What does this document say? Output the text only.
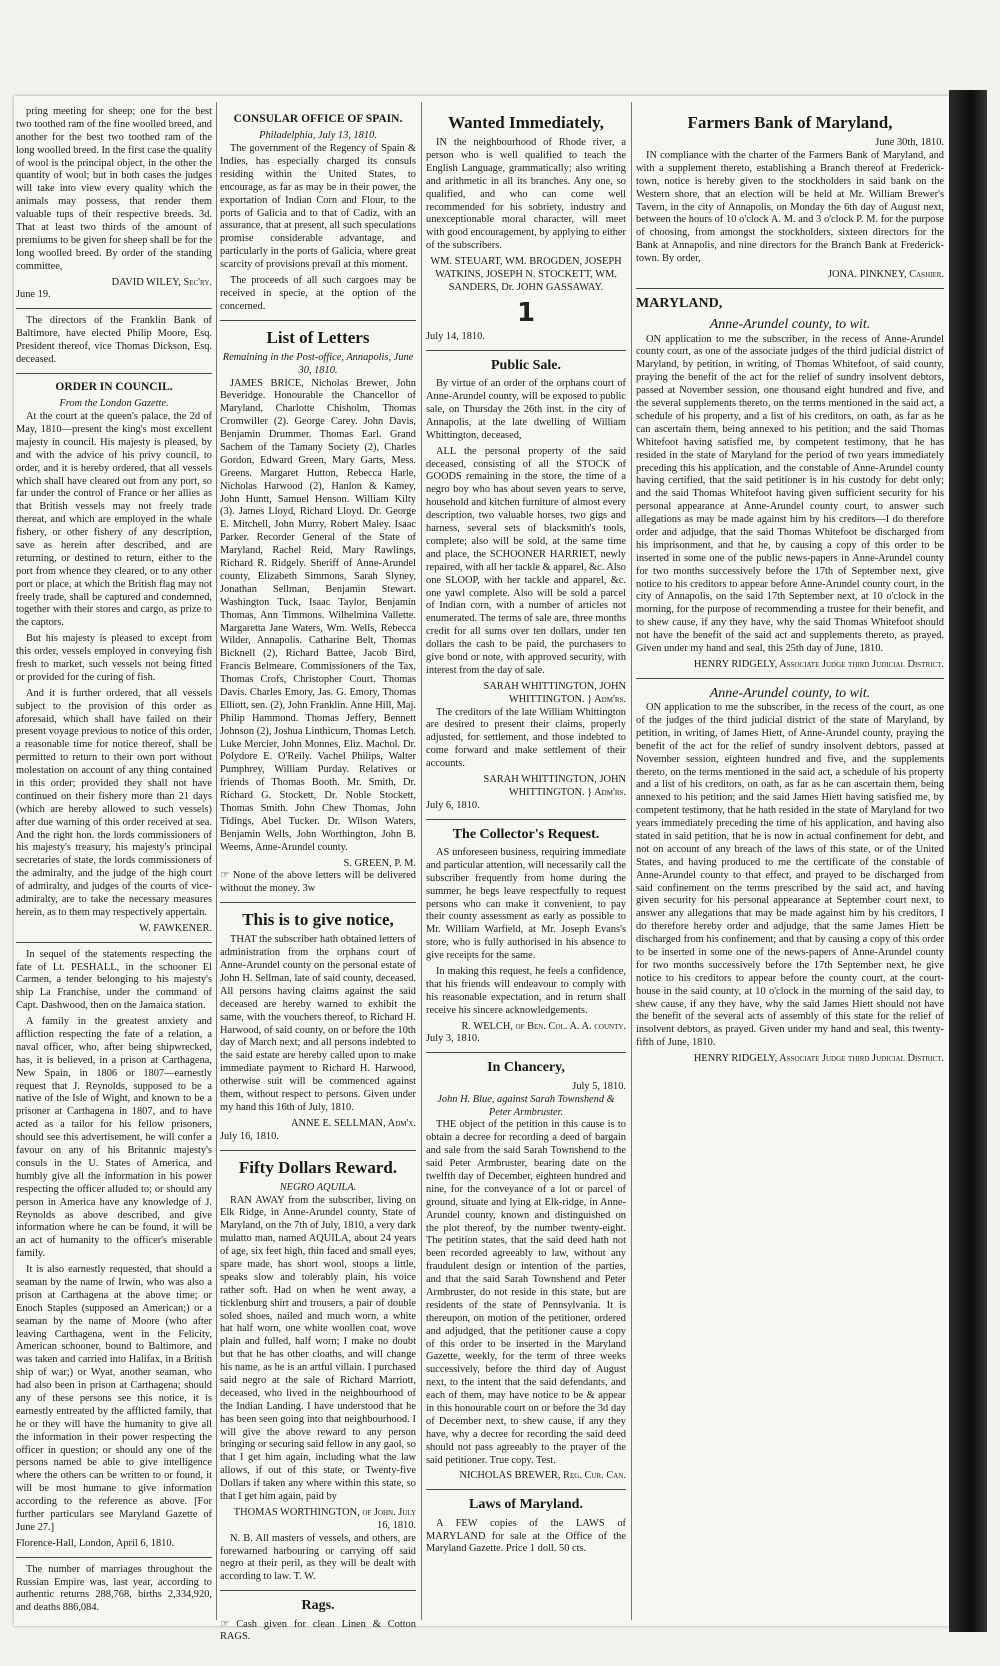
pring meeting for sheep; one for the best two toothed ram of the fine woolled breed, and another for the best two toothed ram of the long woolled breed. In the first case the quality of wool is the principal object, in the other the quantity of wool; but in both cases the judges will take into view every quality which the animals may possess, that render them valuable tups of their respective breeds. 3d. That at least two thirds of the amount of premiums to be given for sheep shall be for the long woolled breed. By order of the standing committee,

DAVID WILEY, Sec'ry.
June 19.

The directors of the Franklin Bank of Baltimore, have elected Philip Moore, Esq. President thereof, vice Thomas Dickson, Esq. deceased.

ORDER IN COUNCIL.
From the London Gazette.

At the court at the queen's palace, the 2d of May, 1810—present the king's most excellent majesty in council. His majesty is pleased, by and with the advice of his privy council, to order, and it is hereby ordered, that all vessels which shall have cleared out from any port, so far under the control of France or her allies as that British vessels may not freely trade thereat, and which are employed in the whale fishery, or other fishery of any description, save as herein after described, and are returning, or destined to return, either to the port from whence they cleared, or to any other port or place, at which the British flag may not freely trade, shall be captured and condemned, together with their stores and cargo, as prize to the captors.

But his majesty is pleased to except from this order, vessels employed in conveying fish fresh to market, such vessels not being fitted or provided for the curing of fish.

And it is further ordered, that all vessels subject to the provision of this order as aforesaid, which shall have failed on their present voyage previous to notice of this order, a reasonable time for notice thereof, shall be permitted to return to their own port without molestation on account of any thing contained in this order; provided they shall not have continued on their fishery more than 21 days (which are hereby allowed to such vessels) after due warning of this order received at sea. And the right hon. the lords commissioners of his majesty's treasury, his majesty's principal secretaries of state, the lords commissioners of the admiralty, and the judge of the high court of admiralty, and judges of the courts of vice-admiralty, are to take the necessary measures herein, as to them may respectively appertain.

W. FAWKENER.

In sequel of the statements respecting the fate of Lt. PESHALL, in the schooner El Carmen, a tender belonging to his majesty's ship La Franchise, under the command of Capt. Dashwood, then on the Jamaica station.

A family in the greatest anxiety and affliction respecting the fate of a relation, a naval officer, who, after being shipwrecked, has, it is believed, in a prison at Carthagena, New Spain, in 1806 or 1807—earnestly request that J. Reynolds, supposed to be a native of the Isle of Wight, and known to be a prisoner at Carthagena in 1807, and to have acted as a tailor for his fellow prisoners, should see this advertisement, he will confer a favour on any of his Britannic majesty's consuls in the U. States of America, and humbly give all the information in his power respecting the officer alluded to; or should any person in America have any knowledge of J. Reynolds as above described, and give information where he can be found, it will be an act of humanity to the officer's miserable family.

It is also earnestly requested, that should a seaman by the name of Irwin, who was also a prison at Carthagena at the above time; or Enoch Staples (supposed an American;) or a seaman by the name of Moore (who after leaving Carthagena, went in the Felicity, American schooner, bound to Baltimore, and was taken and carried into Halifax, in a British ship of war;) or Wyat, another seaman, who had also been in prison at Carthagena; should any of these persons see this notice, it is earnestly entreated by the afflicted family, that he or they will have the humanity to give all the information in their power respecting the officer in question; or should any one of the persons named be able to give intelligence where the others can be written to or found, it will be most humane to give information according to the reference as above. [For further particulars see Maryland Gazette of June 27.]

Florence-Hall, London, April 6, 1810.

The number of marriages throughout the Russian Empire was, last year, according to authentic returns 288,768, births 2,334,920, and deaths 886,084.

CONSULAR OFFICE OF SPAIN.
Philadelphia, July 13, 1810.

The government of the Regency of Spain & Indies, has especially charged its consuls residing within the United States, to encourage, as far as may be in their power, the exportation of Indian Corn and Flour, to the ports of Galicia and to that of Cadiz, with an assurance, that at present, all such speculations promise considerable advantage, and particularly in the ports of Galicia, where great scarcity of provisions prevail at this moment.

The proceeds of all such cargoes may be received in specie, at the option of the concerned.

List of Letters
Remaining in the Post-office, Annapolis, June 30, 1810.

JAMES BRICE, Nicholas Brewer, John Beveridge. Honourable the Chancellor of Maryland, Charlotte Chisholm, Thomas Cromwiller (2). George Carey. John Davis, Benjamin Drummer. Thomas Earl. Grand Sachem of the Tamany Society (2), Charles Gordon, Edward Green, Mary Garts, Mess. Greens. Margaret Hutton, Rebecca Harle, Nicholas Harwood (2), Hanlon & Kamey, John Huntt, Samuel Henson. William Kilty (3). James Lloyd, Richard Lloyd. Dr. George E. Mitchell, John Murry, Robert Maley. Isaac Parker. Recorder General of the State of Maryland, Rachel Reid, Mary Rawlings, Richard R. Ridgely. Sheriff of Anne-Arundel county, Elizabeth Simmons, Sarah Slyney, Jonathan Sellman, Benjamin Stewart. Washington Tuck, Isaac Taylor, Benjamin Thomas, Ann Timmons. Wilhelmina Vallette. Margaretta Jane Waters, Wm. Wells, Rebecca Wilder, Annapolis. Catharine Belt, Thomas Bicknell (2), Richard Battee, Jacob Bird, Francis Belmeare. Commissioners of the Tax, Thomas Crofs, Christopher Court. Thomas Davis. Charles Emory, Jas. G. Emory, Thomas Elliott, sen. (2), John Franklin. Anne Hill, Maj. Philip Hammond. Thomas Jeffery, Bennett Johnson (2), Joshua Linthicum, Thomas Letch. Luke Mercier, John Monnes, Eliz. Machol. Dr. Polydore E. O'Reily. Vachel Philips, Walter Pumphrey, William Purday. Relatives or friends of Thomas Booth. Mr. Smith, Dr. Richard G. Stockett, Dr. Noble Stockett, Thomas Smith. John Chew Thomas, John Tidings, Abel Tucker. Dr. Wilson Waters, Benjamin Wells, John Worthington, John B. Weems, Anne-Arundel county.

S. GREEN, P. M.
☞ None of the above letters will be delivered without the money. 3w
This is to give notice,

THAT the subscriber hath obtained letters of administration from the orphans court of Anne-Arundel county on the personal estate of John H. Sellman, late of said county, deceased. All persons having claims against the said deceased are hereby warned to exhibit the same, with the vouchers thereof, to Richard H. Harwood, of said county, on or before the 10th day of March next; and all persons indebted to the said estate are hereby called upon to make immediate payment to Richard H. Harwood, otherwise suit will be commenced against them, without respect to persons. Given under my hand this 16th of July, 1810.

ANNE E. SELLMAN, Adm'x.
July 16, 1810.
Fifty Dollars Reward.
NEGRO AQUILA.

RAN AWAY from the subscriber, living on Elk Ridge, in Anne-Arundel county, State of Maryland, on the 7th of July, 1810, a very dark mulatto man, named AQUILA, about 24 years of age, six feet high, thin faced and small eyes, spare made, has short wool, stoops a little, speaks slow and tolerably plain, his voice rather soft. Had on when he went away, a ticklenburg shirt and trousers, a pair of double soled shoes, nailed and much worn, a white hat half worn, one white woollen coat, wove plain and fulled, half worn; I make no doubt but that he has other cloaths, and will change his name, as he is an artful villain. I purchased said negro at the sale of Richard Marriott, deceased, who lived in the neighbourhood of the Indian Landing. I have understood that he has been seen going into that neighbourhood. I will give the above reward to any person bringing or securing said fellow in any gaol, so that I get him again, including what the law allows, if out of this state, or Twenty-five Dollars if taken any where within this state, so that I get him again, paid by

THOMAS WORTHINGTON, of John. July 16, 1810.

N. B. All masters of vessels, and others, are forewarned harbouring or carrying off said negro at their peril, as they will be dealt with according to law. T. W.

Rags.
☞ Cash given for clean Linen & Cotton RAGS.
Wanted Immediately,

IN the neighbourhood of Rhode river, a person who is well qualified to teach the English Language, grammatically; also writing and arithmetic in all its branches. Any one, so qualified, and who can come well recommended for his sobriety, industry and unexceptionable moral character, will meet with good encouragement, by applying to either of the subscribers.

WM. STEUART, WM. BROGDEN, JOSEPH WATKINS, JOSEPH N. STOCKETT, WM. SANDERS, Dr. JOHN GASSAWAY.
1
July 14, 1810.
Public Sale.

By virtue of an order of the orphans court of Anne-Arundel county, will be exposed to public sale, on Thursday the 26th inst. in the city of Annapolis, at the late dwelling of William Whittington, deceased,

ALL the personal property of the said deceased, consisting of all the STOCK of GOODS remaining in the store, the time of a negro boy who has about seven years to serve, household and kitchen furniture of almost every description, two valuable horses, two gigs and harness, several sets of blacksmith's tools, complete; also will be sold, at the same time and place, the SCHOONER HARRIET, newly repaired, with all her tackle & apparel, &c. Also one SLOOP, with her tackle and apparel, &c. one yawl complete. Also will be sold a parcel of Indian corn, with a number of articles not enumerated. The terms of sale are, three months credit for all sums over ten dollars, under ten dollars the cash to be paid, the purchasers to give bond or note, with approved security, with interest from the day of sale.

SARAH WHITTINGTON, JOHN WHITTINGTON. } Adm'rs.

The creditors of the late William Whittington are desired to present their claims, properly adjusted, for settlement, and those indebted to come forward and make settlement of their accounts.

SARAH WHITTINGTON, JOHN WHITTINGTON. } Adm'rs.
July 6, 1810.
The Collector's Request.

AS unforeseen business, requiring immediate and particular attention, will necessarily call the subscriber frequently from home during the summer, he begs leave respectfully to request persons who can make it convenient, to pay their county assessment as early as possible to Mr. William Warfield, at Mr. Joseph Evans's store, who is fully authorised in his absence to give receipts for the same.

In making this request, he feels a confidence, that his friends will endeavour to comply with his reasonable expectation, and in return shall receive his sincere acknowledgements.

R. WELCH, of Ben. Col. A. A. county.
July 3, 1810.
In Chancery,
July 5, 1810.
John H. Blue, against Sarah Townshend & Peter Armbruster.

THE object of the petition in this cause is to obtain a decree for recording a deed of bargain and sale from the said Sarah Townshend to the said Peter Armbruster, bearing date on the twelfth day of December, eighteen hundred and nine, for the conveyance of a lot or parcel of ground, situate and lying at Elk-ridge, in Anne-Arundel county, known and distinguished on the plot thereof, by the number twenty-eight. The petition states, that the said deed hath not been recorded agreeably to law, without any fraudulent design or intention of the parties, and that the said Sarah Townshend and Peter Armbruster, do not reside in this state, but are residents of the state of Pennsylvania. It is thereupon, on motion of the petitioner, ordered and adjudged, that the petitioner cause a copy of this order to be inserted in the Maryland Gazette, weekly, for the term of three weeks successively, before the third day of August next, to the intent that the said defendants, and each of them, may have notice to be & appear in this honourable court on or before the 3d day of December next, to shew cause, if any they have, why a decree for recording the said deed should not pass agreeably to the prayer of the said petitioner. True copy. Test.

NICHOLAS BREWER, Reg. Cur. Can.
Laws of Maryland.

A FEW copies of the LAWS of MARYLAND for sale at the Office of the Maryland Gazette. Price 1 doll. 50 cts.

Farmers Bank of Maryland,
June 30th, 1810.

IN compliance with the charter of the Farmers Bank of Maryland, and with a supplement thereto, establishing a Branch thereof at Frederick-town, notice is hereby given to the stockholders in said bank on the Western shore, that an election will be held at Mr. William Brewer's Tavern, in the city of Annapolis, on Monday the 6th day of August next, between the hours of 10 o'clock A. M. and 3 o'clock P. M. for the purpose of choosing, from amongst the stockholders, sixteen directors for the Bank at Annapolis, and nine directors for the Branch Bank at Frederick-town. By order,

JONA. PINKNEY, Cashier.
MARYLAND,
Anne-Arundel county, to wit.

ON application to me the subscriber, in the recess of Anne-Arundel county court, as one of the associate judges of the third judicial district of Maryland, by petition, in writing, of Thomas Whitefoot, of said county, praying the benefit of the act for the relief of sundry insolvent debtors, passed at November session, one thousand eight hundred and five, and the several supplements thereto, on the terms mentioned in the said act, a schedule of his property, and a list of his creditors, on oath, as far as he can ascertain them, being annexed to his petition; and the said Thomas Whitefoot having satisfied me, by competent testimony, that he has resided in the state of Maryland for the period of two years immediately preceding this his application, and the constable of Anne-Arundel county having certified, that the said petitioner is in his custody for debt only; and the said Thomas Whitefoot having given sufficient security for his personal appearance at Anne-Arundel county court, to answer such allegations as may be made against him by his creditors—I do therefore order and adjudge, that the said Thomas Whitefoot be discharged from his imprisonment, and that he, by causing a copy of this order to be inserted in some one of the public news-papers in Anne-Arundel county for two months successively before the 17th of September next, give notice to his creditors to appear before Anne-Arundel county court, in the city of Annapolis, on the said 17th September next, at 10 o'clock in the morning, for the purpose of recommending a trustee for their benefit, and to shew cause, if any they have, why the said Thomas Whitefoot should not have the benefit of the said act and supplements thereto, as prayed. Given under my hand and seal, this 25th day of June, 1810.

HENRY RIDGELY, Associate Judge third Judicial District.
Anne-Arundel county, to wit.

ON application to me the subscriber, in the recess of the court, as one of the judges of the third judicial district of the state of Maryland, by petition, in writing, of James Hiett, of Anne-Arundel county, praying the benefit of the act for the relief of sundry insolvent debtors, passed at November session, eighteen hundred and five, and the supplements thereto, on the terms mentioned in the said act, a schedule of his property and a list of his creditors, on oath, as far as he can ascertain them, being annexed to his petition; and the said James Hiett having satisfied me, by competent testimony, that he hath resided in the state of Maryland for two years immediately preceding the time of his application, and having also stated in said petition, that he is now in actual confinement for debt, and not on account of any breach of the laws of this state, or of the United States, and having produced to me the certificate of the constable of Anne-Arundel county to that effect, and prayed to be discharged from said confinement on the terms prescribed by the said act, and having given security for his personal appearance at September court next, to answer any allegations that may be made against him by his creditors, I do therefore hereby order and adjudge, that the same James Hiett be discharged from his confinement; and that by causing a copy of this order to be inserted in some one of the news-papers of Anne-Arundel county for two months successively before the 17th September next, he give notice to his creditors to appear before the county court, at the court-house in the said county, at 10 o'clock in the morning of the said day, to shew cause, if any they have, why the said James Hiett should not have the benefit of the several acts of assembly of this state for the relief of insolvent debtors, as prayed. Given under my hand and seal, this twenty-fifth of June, 1810.

HENRY RIDGELY, Associate Judge third Judicial District.
